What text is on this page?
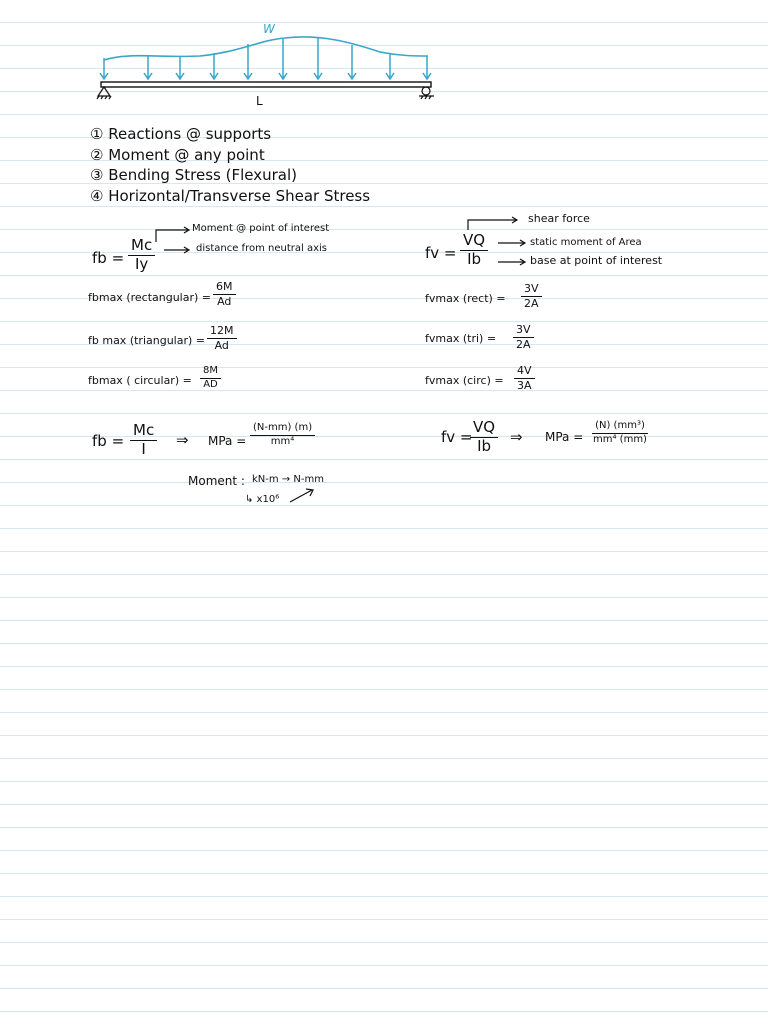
W
L
① Reactions @ supports
② Moment @ any point
③ Bending Stress (Flexural)
④ Horizontal/Transverse Shear Stress
fb = $\frac{Mc}{Iy}$
Moment @ point of interest
distance from neutral axis
fbmax (rectangular) = $\frac{6M}{Ad}$
fb max (triangular) = $\frac{12M}{Ad}$
fbmax ( circular) = $\frac{8M}{AD}$
fv = $\frac{VQ}{Ib}$
shear force
static moment of Area
base at point of interest
fvmax (rect) = $\frac{3V}{2A}$
fvmax $(tri) = \frac{3V}{2A}$
fvmax (circ) = $\frac{4V}{3A}$
fb = $\frac{Mc}{I}$ ⇒ MPa = $\frac{(N-mm) (m)}{\text{mm⁴}}$
Moment : kN-m → N-mm
↳ x10⁶
fv =
$\frac{VQ}{Ib}$ ⇒ MPa = $\frac{\text{(N) (mm³)}}{\text{mm⁴ (mm)}}$
